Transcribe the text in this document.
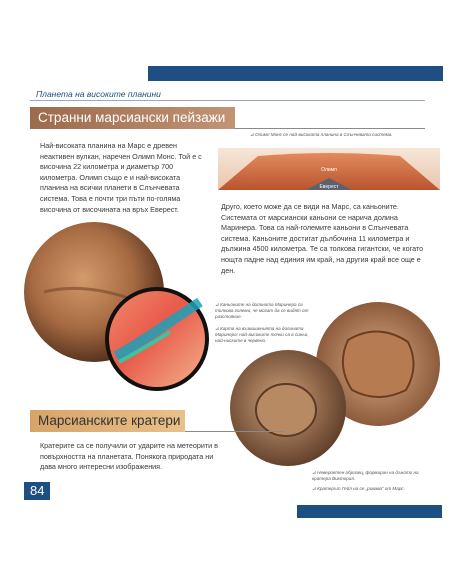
Планета на високите планини
Странни марсиански пейзажи
Най-високата планина на Марс е древен неактивен вулкан, наречен Олимп Монс. Той е с височина 22 километра и диаметър 700 километра. Олимп също е и най-високата планина на всички планети в Слънчевата система. Това е почти три пъти по-голяма височина от височината на връх Еверест.
⊿ Олимп Монс се най-високата планина в Слънчевата система.
Олимп
Еверест
Друго, което може да се види на Марс, са каньоните. Системата от марсиански каньони се нарича долина Маринера. Това са най-големите каньони в Слънчевата система. Каньоните достигат дълбочина 11 километра и дължина 4500 километра. Те са толкова гигантски, че когато нощта падне над единия им край, на другия край все още е ден.
⊿ Каньоните на долината Маринера са толкова големи, че могат да се видят от разстояние.
⊿ Карта на възвишенията на долината Маринера: най-високите точки са в синьо, най-ниските в червено.
Марсианските кратери
Кратерите са се получили от ударите на метеорити в повърхността на планетата. Понякога природата ни дава много интересни изображения.
⊿ Невероятен образец, формиран на дъното на кратера Виктория.
⊿ Кратерът Гейл на се „ровава“ от Марс.
84
